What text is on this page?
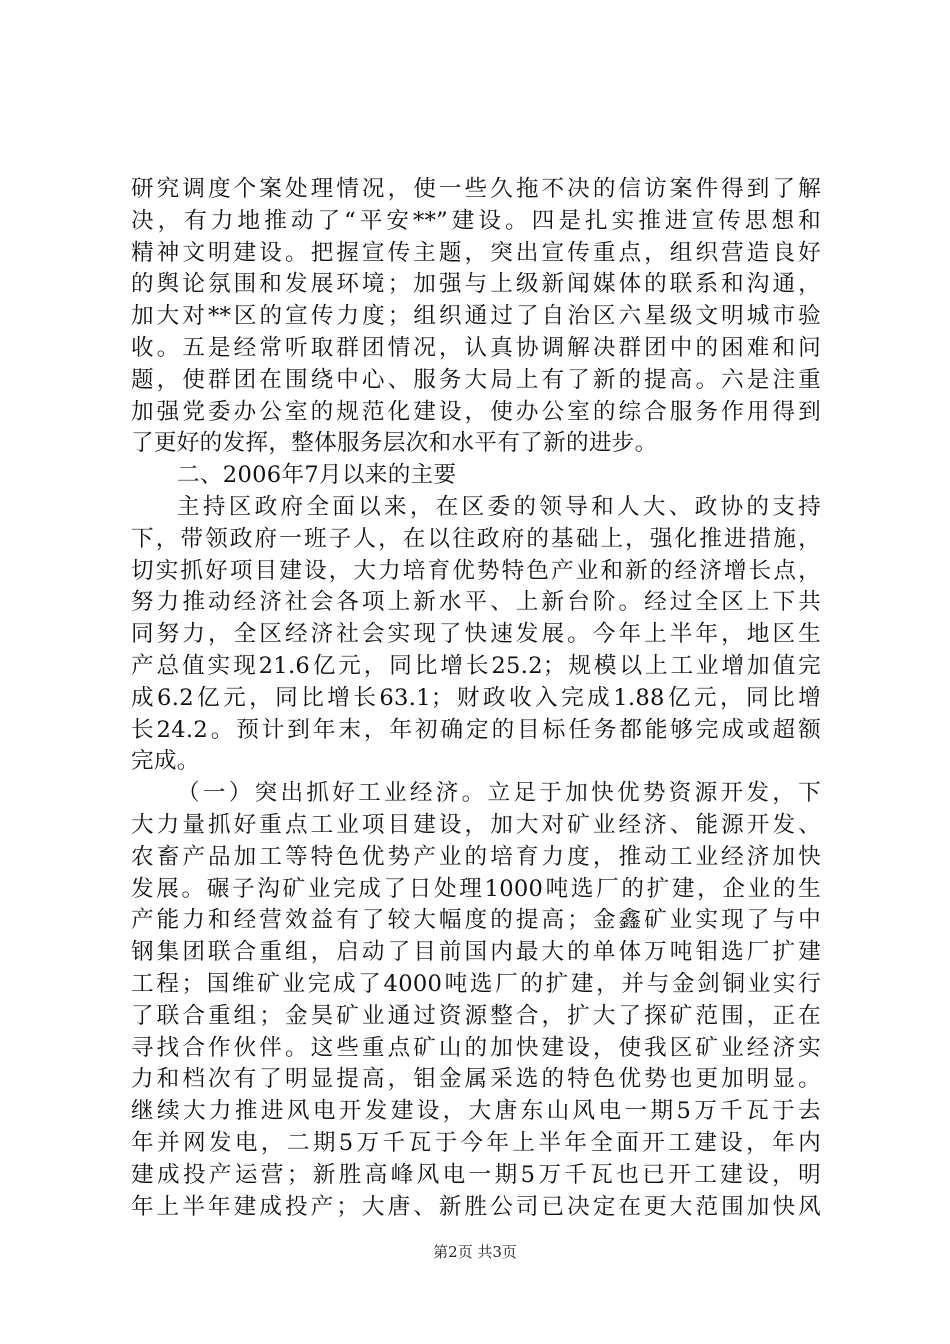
研究调度个案处理情况，使一些久拖不决的信访案件得到了解
决，有力地推动了“平安**”建设。四是扎实推进宣传思想和
精神文明建设。把握宣传主题，突出宣传重点，组织营造良好
的舆论氛围和发展环境；加强与上级新闻媒体的联系和沟通，
加大对**区的宣传力度；组织通过了自治区六星级文明城市验
收。五是经常听取群团情况，认真协调解决群团中的困难和问
题，使群团在围绕中心、服务大局上有了新的提高。六是注重
加强党委办公室的规范化建设，使办公室的综合服务作用得到
了更好的发挥，整体服务层次和水平有了新的进步。
二、2006年7月以来的主要
主持区政府全面以来，在区委的领导和人大、政协的支持
下，带领政府一班子人，在以往政府的基础上，强化推进措施，
切实抓好项目建设，大力培育优势特色产业和新的经济增长点，
努力推动经济社会各项上新水平、上新台阶。经过全区上下共
同努力，全区经济社会实现了快速发展。今年上半年，地区生
产总值实现21.6亿元，同比增长25.2；规模以上工业增加值完
成6.2亿元，同比增长63.1；财政收入完成1.88亿元，同比增
长24.2。预计到年末，年初确定的目标任务都能够完成或超额
完成。
（一）突出抓好工业经济。立足于加快优势资源开发，下
大力量抓好重点工业项目建设，加大对矿业经济、能源开发、
农畜产品加工等特色优势产业的培育力度，推动工业经济加快
发展。碾子沟矿业完成了日处理1000吨选厂的扩建，企业的生
产能力和经营效益有了较大幅度的提高；金鑫矿业实现了与中
钢集团联合重组，启动了目前国内最大的单体万吨钼选厂扩建
工程；国维矿业完成了4000吨选厂的扩建，并与金剑铜业实行
了联合重组；金昊矿业通过资源整合，扩大了探矿范围，正在
寻找合作伙伴。这些重点矿山的加快建设，使我区矿业经济实
力和档次有了明显提高，钼金属采选的特色优势也更加明显。
继续大力推进风电开发建设，大唐东山风电一期5万千瓦于去
年并网发电，二期5万千瓦于今年上半年全面开工建设，年内
建成投产运营；新胜高峰风电一期5万千瓦也已开工建设，明
年上半年建成投产；大唐、新胜公司已决定在更大范围加快风
第2页 共3页
